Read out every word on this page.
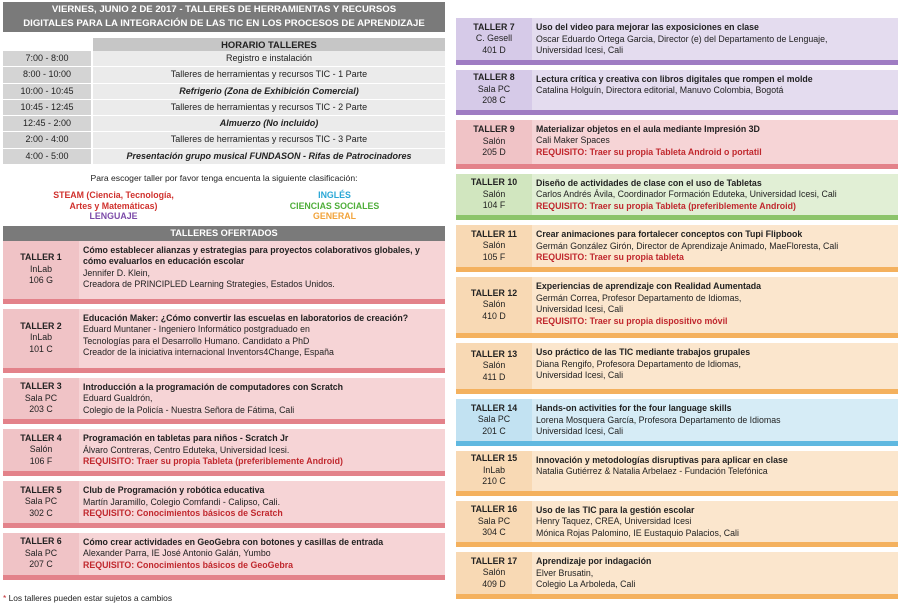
VIERNES, JUNIO 2 DE 2017 - TALLERES DE HERRAMIENTAS Y RECURSOS
DIGITALES PARA LA INTEGRACIÓN DE LAS TIC EN LOS PROCESOS DE APRENDIZAJE
HORARIO TALLERES
7:00 - 8:00	Registro e instalación
8:00 - 10:00	Talleres de herramientas y recursos TIC - 1 Parte
10:00 - 10:45	Refrigerio (Zona de Exhibición Comercial)
10:45 - 12:45	Talleres de herramientas y recursos TIC - 2 Parte
12:45 - 2:00	Almuerzo (No incluido)
2:00 - 4:00	Talleres de herramientas y recursos TIC - 3 Parte
4:00 - 5:00	Presentación grupo musical FUNDASON - Rifas de Patrocinadores
Para escoger taller por favor tenga encuenta la siguiente clasificación:
STEAM (Ciencia, Tecnología,	INGLÉS
Artes y Matemáticas)	CIENCIAS SOCIALES
LENGUAJE	GENERAL
TALLERES OFERTADOS
TALLER 1
InLab
106 G
Cómo establecer alianzas y estrategias para proyectos colaborativos globales, y cómo evaluarlos en educación escolar
Jennifer D. Klein,
Creadora de PRINCIPLED Learning Strategies, Estados Unidos.
TALLER 2
InLab
101 C
Educación Maker: ¿Cómo convertir las escuelas en laboratorios de creación?
Eduard Muntaner - Ingeniero Informático postgraduado en
Tecnologías para el Desarrollo Humano. Candidato a PhD
Creador de la iniciativa internacional Inventors4Change, España
TALLER 3
Sala PC
203 C
Introducción a la programación de computadores con Scratch
Eduard Gualdrón,
Colegio de la Policía - Nuestra Señora de Fátima, Cali
TALLER 4
Salón
106 F
Programación en tabletas para niños - Scratch Jr
Álvaro Contreras, Centro Eduteka, Universidad Icesi.
REQUISITO: Traer su propia Tableta (preferiblemente Android)
TALLER 5
Sala PC
302 C
Club de Programación y robótica educativa
Martín Jaramillo, Colegio Comfandi - Calipso, Cali.
REQUISITO: Conocimientos básicos de Scratch
TALLER 6
Sala PC
207 C
Cómo crear actividades en GeoGebra con botones y casillas de entrada
Alexander Parra, IE José Antonio Galán, Yumbo
REQUISITO: Conocimientos básicos de GeoGebra
TALLER 7
C. Gesell
401 D
Uso del video para mejorar las exposiciones en clase
Oscar Eduardo Ortega Garcia, Director (e) del Departamento de Lenguaje,
Universidad Icesi, Cali
TALLER 8
Sala PC
208 C
Lectura crítica y creativa con libros digitales que rompen el molde
Catalina Holguín, Directora editorial, Manuvo Colombia, Bogotá
TALLER 9
Salón
205 D
Materializar objetos en el aula mediante Impresión 3D
Cali Maker Spaces
REQUISITO: Traer su propia Tableta Android o portatil
TALLER 10
Salón
104 F
Diseño de actividades de clase con el uso de Tabletas
Carlos Andrés Ávila, Coordinador Formación Eduteka, Universidad Icesi, Cali
REQUISITO: Traer su propia Tableta (preferiblemente Android)
TALLER 11
Salón
105 F
Crear animaciones para fortalecer conceptos con Tupi Flipbook
Germán González Girón, Director de Aprendizaje Animado, MaeFloresta, Cali
REQUISITO: Traer su propia tableta
TALLER 12
Salón
410 D
Experiencias de aprendizaje con Realidad Aumentada
Germán Correa, Profesor Departamento de Idiomas,
Universidad Icesi, Cali
REQUISITO: Traer su propia dispositivo móvil
TALLER 13
Salón
411 D
Uso práctico de las TIC mediante trabajos grupales
Diana Rengifo, Profesora Departamento de Idiomas,
Universidad Icesi, Cali
TALLER 14
Sala PC
201 C
Hands-on activities for the four language skills
Lorena Mosquera García, Profesora Departamento de Idiomas
Universidad Icesi, Cali
TALLER 15
InLab
210 C
Innovación y metodologías disruptivas para aplicar en clase
Natalia Gutiérrez & Natalia Arbelaez - Fundación Telefónica
TALLER 16
Sala PC
304 C
Uso de las TIC para la gestión escolar
Henry Taquez, CREA, Universidad Icesi
Mónica Rojas Palomino, IE Eustaquio Palacios, Cali
TALLER 17
Salón
409 D
Aprendizaje por indagación
Elver Brusatin,
Colegio La Arboleda, Cali
* Los talleres pueden estar sujetos a cambios
